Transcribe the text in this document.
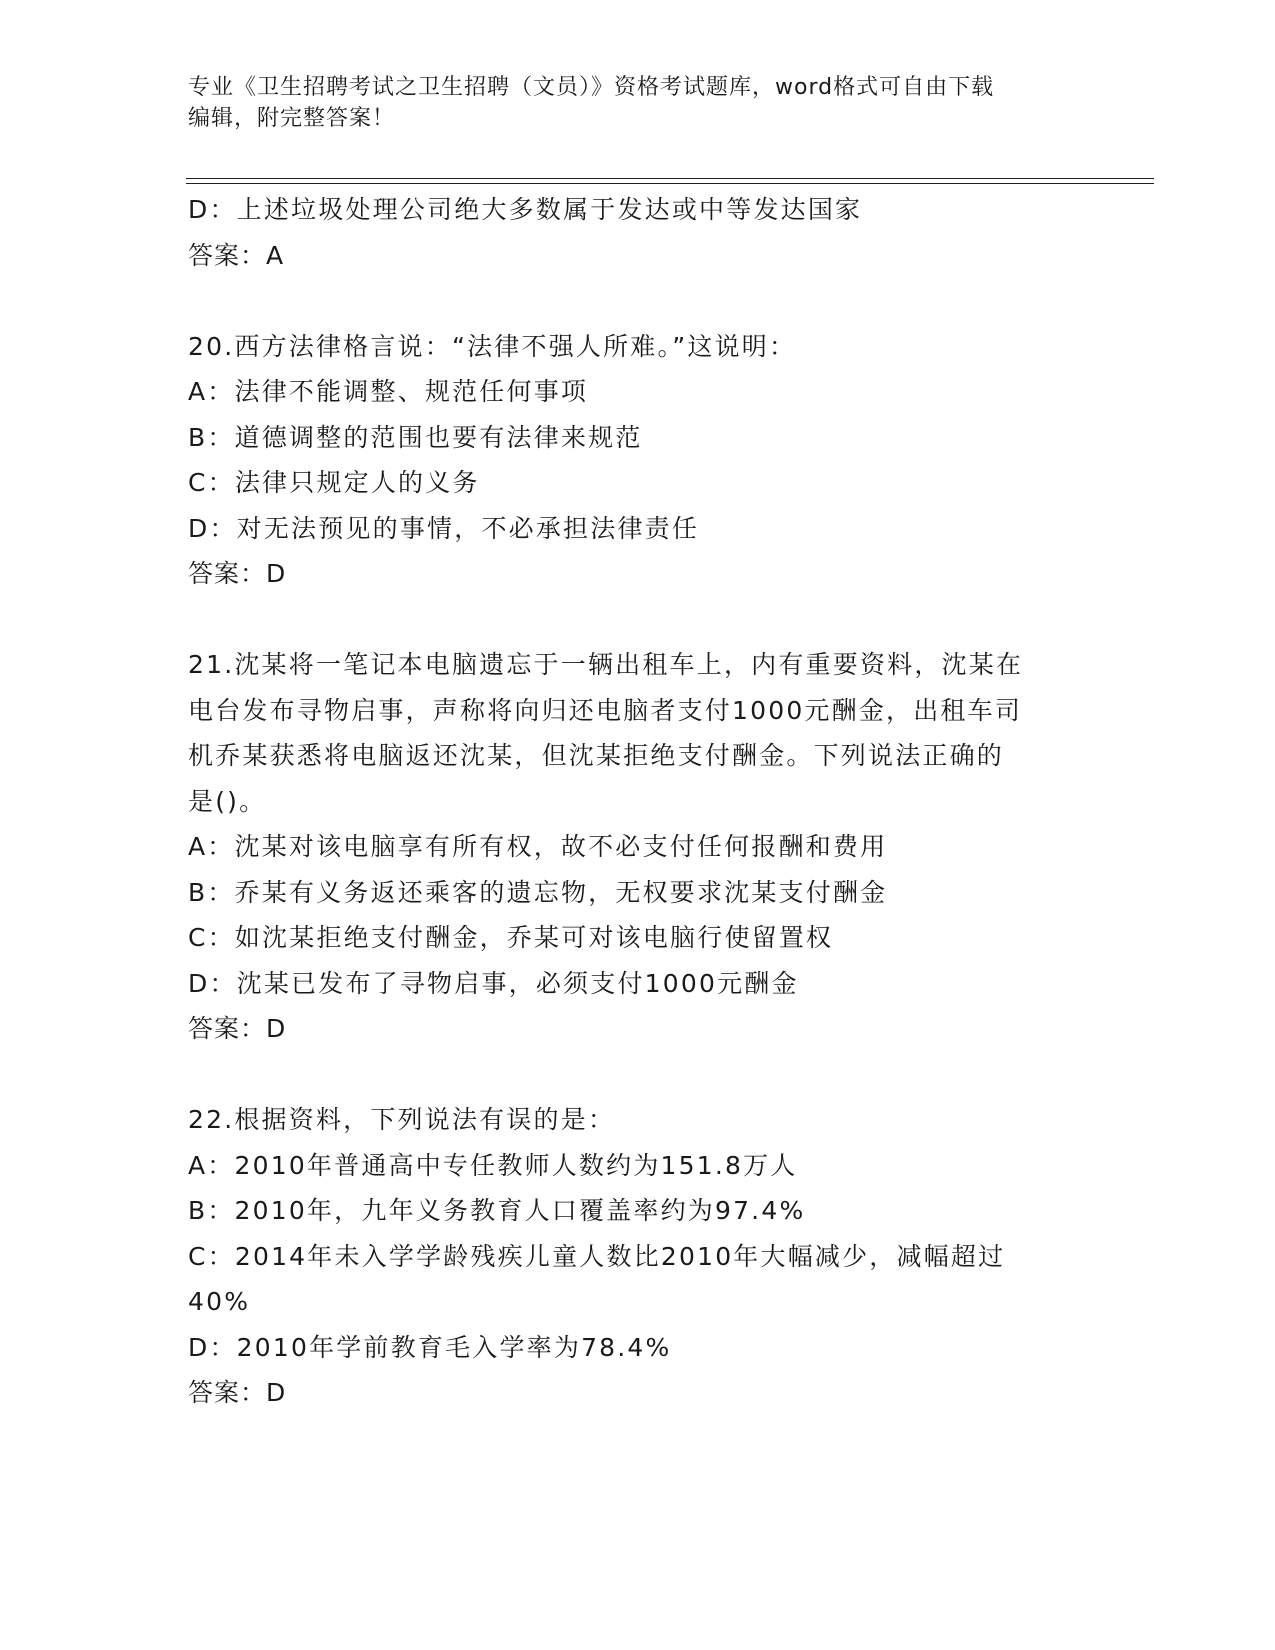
专业《卫生招聘考试之卫生招聘（文员）》资格考试题库，word格式可自由下载
编辑，附完整答案！
D：上述垃圾处理公司绝大多数属于发达或中等发达国家
答案：A
20.西方法律格言说：“法律不强人所难。”这说明：
A：法律不能调整、规范任何事项
B：道德调整的范围也要有法律来规范
C：法律只规定人的义务
D：对无法预见的事情，不必承担法律责任
答案：D
21.沈某将一笔记本电脑遗忘于一辆出租车上，内有重要资料，沈某在
电台发布寻物启事，声称将向归还电脑者支付1000元酬金，出租车司
机乔某获悉将电脑返还沈某，但沈某拒绝支付酬金。下列说法正确的
是()。
A：沈某对该电脑享有所有权，故不必支付任何报酬和费用
B：乔某有义务返还乘客的遗忘物，无权要求沈某支付酬金
C：如沈某拒绝支付酬金，乔某可对该电脑行使留置权
D：沈某已发布了寻物启事，必须支付1000元酬金
答案：D
22.根据资料，下列说法有误的是：
A：2010年普通高中专任教师人数约为151.8万人
B：2010年，九年义务教育人口覆盖率约为97.4%
C：2014年未入学学龄残疾儿童人数比2010年大幅减少，减幅超过
40%
D：2010年学前教育毛入学率为78.4%
答案：D
